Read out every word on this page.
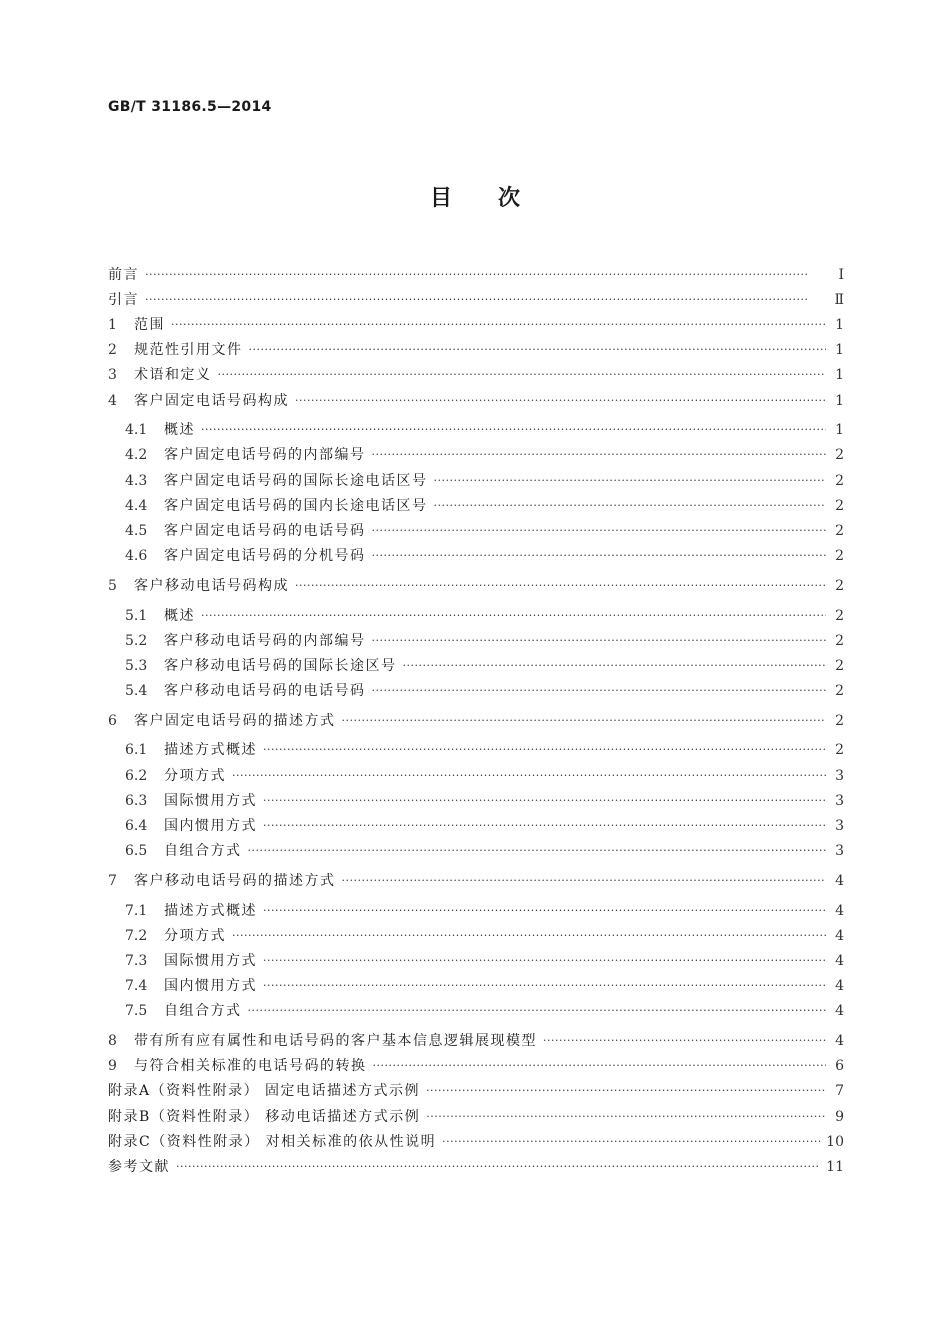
GB/T 31186.5—2014
目次
前言 ·····	Ⅰ
引言 ·····	Ⅱ
1	范围 ·····	1
2	规范性引用文件 ·····	1
3	术语和定义 ·····	1
4	客户固定电话号码构成 ·····	1
4.1	概述 ·····	1
4.2	客户固定电话号码的内部编号 ·····	2
4.3	客户固定电话号码的国际长途电话区号 ·····	2
4.4	客户固定电话号码的国内长途电话区号 ·····	2
4.5	客户固定电话号码的电话号码 ·····	2
4.6	客户固定电话号码的分机号码 ·····	2
5	客户移动电话号码构成 ·····	2
5.1	概述 ·····	2
5.2	客户移动电话号码的内部编号 ·····	2
5.3	客户移动电话号码的国际长途区号 ·····	2
5.4	客户移动电话号码的电话号码 ·····	2
6	客户固定电话号码的描述方式 ·····	2
6.1	描述方式概述 ·····	2
6.2	分项方式 ·····	3
6.3	国际惯用方式 ·····	3
6.4	国内惯用方式 ·····	3
6.5	自组合方式 ·····	3
7	客户移动电话号码的描述方式 ·····	4
7.1	描述方式概述 ·····	4
7.2	分项方式 ·····	4
7.3	国际惯用方式 ·····	4
7.4	国内惯用方式 ·····	4
7.5	自组合方式 ·····	4
8	带有所有应有属性和电话号码的客户基本信息逻辑展现模型 ·····	4
9	与符合相关标准的电话号码的转换 ·····	6
附录A（资料性附录） 固定电话描述方式示例 ·····	7
附录B（资料性附录） 移动电话描述方式示例 ·····	9
附录C（资料性附录） 对相关标准的依从性说明 ·····	10
参考文献 ·····	11
